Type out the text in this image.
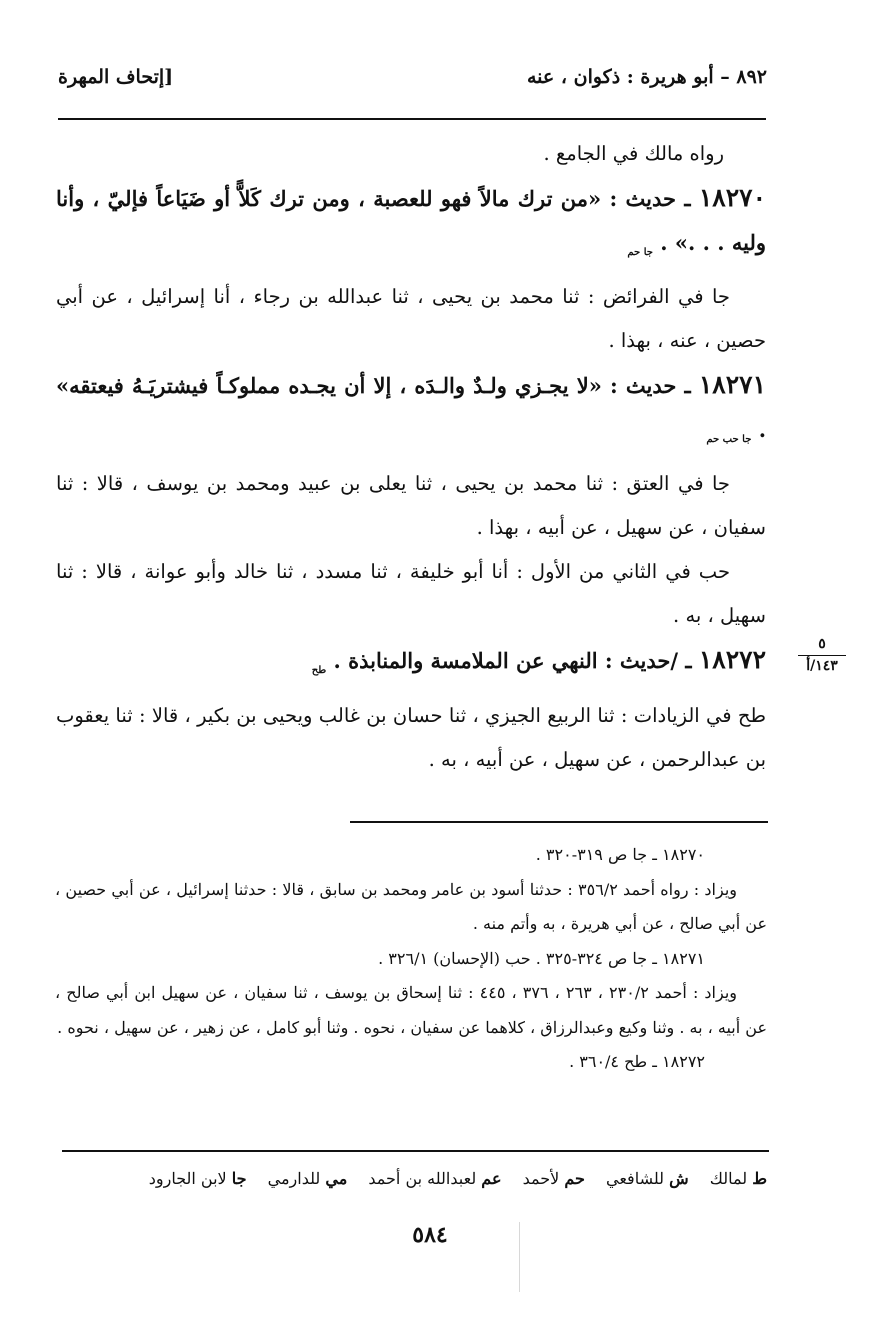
٨٩٢ – أبو هريرة : ذكوان ، عنه
[إتحاف المهرة

رواه مالك في الجامع .

١٨٢٧٠ ـ حديث : «من ترك مالاً فهو للعصبة ، ومن ترك كَلاًّ أو ضَيَاعاً فإليّ ، وأنا وليه . . .» . $_{جا حم}$

جا في الفرائض : ثنا محمد بن يحيى ، ثنا عبدالله بن رجاء ، أنا إسرائيل ، عن أبي حصين ، عنه ، بهذا .

١٨٢٧١ ـ حديث : «لا يجـزي ولـدٌ والـدَه ، إلا أن يجـده مملوكـاً فيشتريَـهُ فيعتقه» . $_{جا حب حم}$

جا في العتق : ثنا محمد بن يحيى ، ثنا يعلى بن عبيد ومحمد بن يوسف ، قالا : ثنا سفيان ، عن سهيل ، عن أبيه ، بهذا .

حب في الثاني من الأول : أنا أبو خليفة ، ثنا مسدد ، ثنا خالد وأبو عوانة ، قالا : ثنا سهيل ، به .

١٨٢٧٢ ـ /حديث : النهي عن الملامسة والمنابذة . $_{طح}$

طح في الزيادات : ثنا الربيع الجيزي ، ثنا حسان بن غالب ويحيى بن بكير ، قالا : ثنا يعقوب بن عبدالرحمن ، عن سهيل ، عن أبيه ، به .

٥
١٤٣/أ

١٨٢٧٠ ـ جا ص ٣١٩-٣٢٠ .

ويزاد : رواه أحمد ٣٥٦/٢ : حدثنا أسود بن عامر ومحمد بن سابق ، قالا : حدثنا إسرائيل ، عن أبي حصين ، عن أبي صالح ، عن أبي هريرة ، به وأتم منه .

١٨٢٧١ ـ جا ص ٣٢٤-٣٢٥ . حب (الإحسان) ٣٢٦/١ .

ويزاد : أحمد ٢٣٠/٢ ، ٢٦٣ ، ٣٧٦ ، ٤٤٥ : ثنا إسحاق بن يوسف ، ثنا سفيان ، عن سهيل ابن أبي صالح ، عن أبيه ، به . وثنا وكيع وعبدالرزاق ، كلاهما عن سفيان ، نحوه . وثنا أبو كامل ، عن زهير ، عن سهيل ، نحوه .

١٨٢٧٢ ـ طح ٣٦٠/٤ .

ط لمالك ش للشافعي حم لأحمد عم لعبدالله بن أحمد مي للدارمي جا لابن الجارود
٥٨٤
